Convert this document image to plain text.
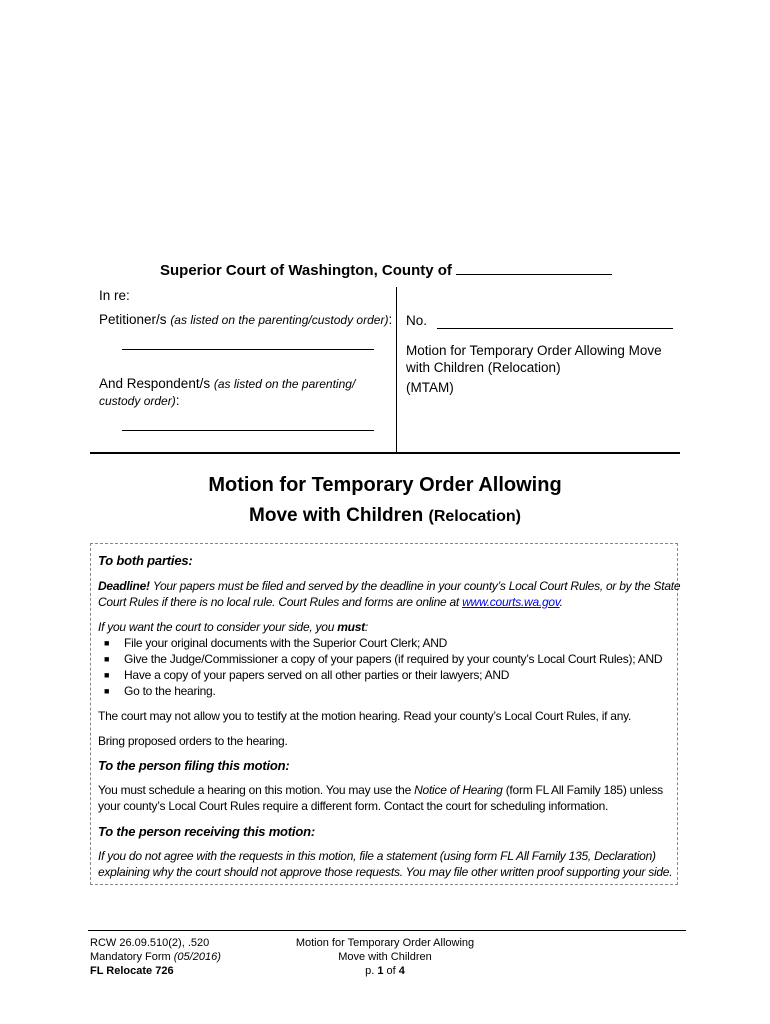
Superior Court of Washington, County of
In re:
Petitioner/s (as listed on the parenting/custody order):
And Respondent/s (as listed on the parenting/
custody order):
No.
Motion for Temporary Order Allowing Move
with Children (Relocation)
(MTAM)
Motion for Temporary Order Allowing
Move with Children (Relocation)
To both parties:
Deadline! Your papers must be filed and served by the deadline in your county’s Local Court Rules, or by the State
Court Rules if there is no local rule. Court Rules and forms are online at www.courts.wa.gov.
If you want the court to consider your side, you must:
■ File your original documents with the Superior Court Clerk; AND
■ Give the Judge/Commissioner a copy of your papers (if required by your county’s Local Court Rules); AND
■ Have a copy of your papers served on all other parties or their lawyers; AND
■ Go to the hearing.
The court may not allow you to testify at the motion hearing. Read your county’s Local Court Rules, if any.
Bring proposed orders to the hearing.
To the person filing this motion:
You must schedule a hearing on this motion. You may use the Notice of Hearing (form FL All Family 185) unless
your county’s Local Court Rules require a different form. Contact the court for scheduling information.
To the person receiving this motion:
If you do not agree with the requests in this motion, file a statement (using form FL All Family 135, Declaration)
explaining why the court should not approve those requests. You may file other written proof supporting your side.
RCW 26.09.510(2), .520
Mandatory Form (05/2016)
FL Relocate 726
Motion for Temporary Order Allowing
Move with Children
p. 1 of 4
